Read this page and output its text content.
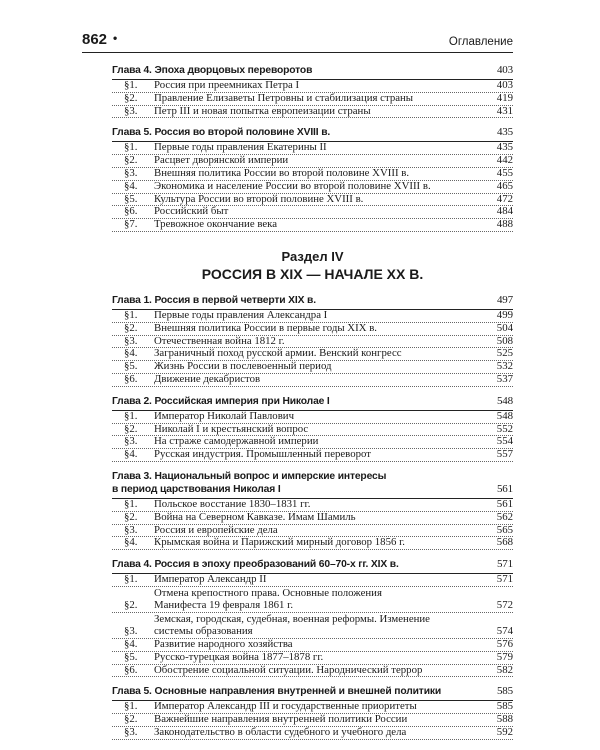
862 •	Оглавление
Глава 4. Эпоха дворцовых переворотов	403
§1.	Россия при преемниках Петра I	403
§2.	Правление Елизаветы Петровны и стабилизация страны	419
§3.	Петр III и новая попытка европеизации страны	431
Глава 5. Россия во второй половине XVIII в.	435
§1.	Первые годы правления Екатерины II	435
§2.	Расцвет дворянской империи	442
§3.	Внешняя политика России во второй половине XVIII в.	455
§4.	Экономика и население России во второй половине XVIII в.	465
§5.	Культура России во второй половине XVIII в.	472
§6.	Российский быт	484
§7.	Тревожное окончание века	488
Раздел IV
РОССИЯ В XIX — НАЧАЛЕ XX В.
Глава 1. Россия в первой четверти XIX в.	497
§1.	Первые годы правления Александра I	499
§2.	Внешняя политика России в первые годы XIX в.	504
§3.	Отечественная война 1812 г.	508
§4.	Заграничный поход русской армии. Венский конгресс	525
§5.	Жизнь России в послевоенный период	532
§6.	Движение декабристов	537
Глава 2. Российская империя при Николае I	548
§1.	Император Николай Павлович	548
§2.	Николай I и крестьянский вопрос	552
§3.	На страже самодержавной империи	554
§4.	Русская индустрия. Промышленный переворот	557
Глава 3. Национальный вопрос и имперские интересы
в период царствования Николая I	561
§1.	Польское восстание 1830–1831 гг.	561
§2.	Война на Северном Кавказе. Имам Шамиль	562
§3.	Россия и европейские дела	565
§4.	Крымская война и Парижский мирный договор 1856 г.	568
Глава 4. Россия в эпоху преобразований 60–70-х гг. XIX в.	571
§1.	Император Александр II	571
§2.
Отмена крепостного права. Основные положения
Манифеста 19 февраля 1861 г.	572
§3.
Земская, городская, судебная, военная реформы. Изменение
системы образования	574
§4.	Развитие народного хозяйства	576
§5.	Русско-турецкая война 1877–1878 гг.	579
§6.	Обострение социальной ситуации. Народнический террор	582
Глава 5. Основные направления внутренней и внешней политики	585
§1.	Император Александр III и государственные приоритеты	585
§2.	Важнейшие направления внутренней политики России	588
§3.	Законодательство в области судебного и учебного дела	592
